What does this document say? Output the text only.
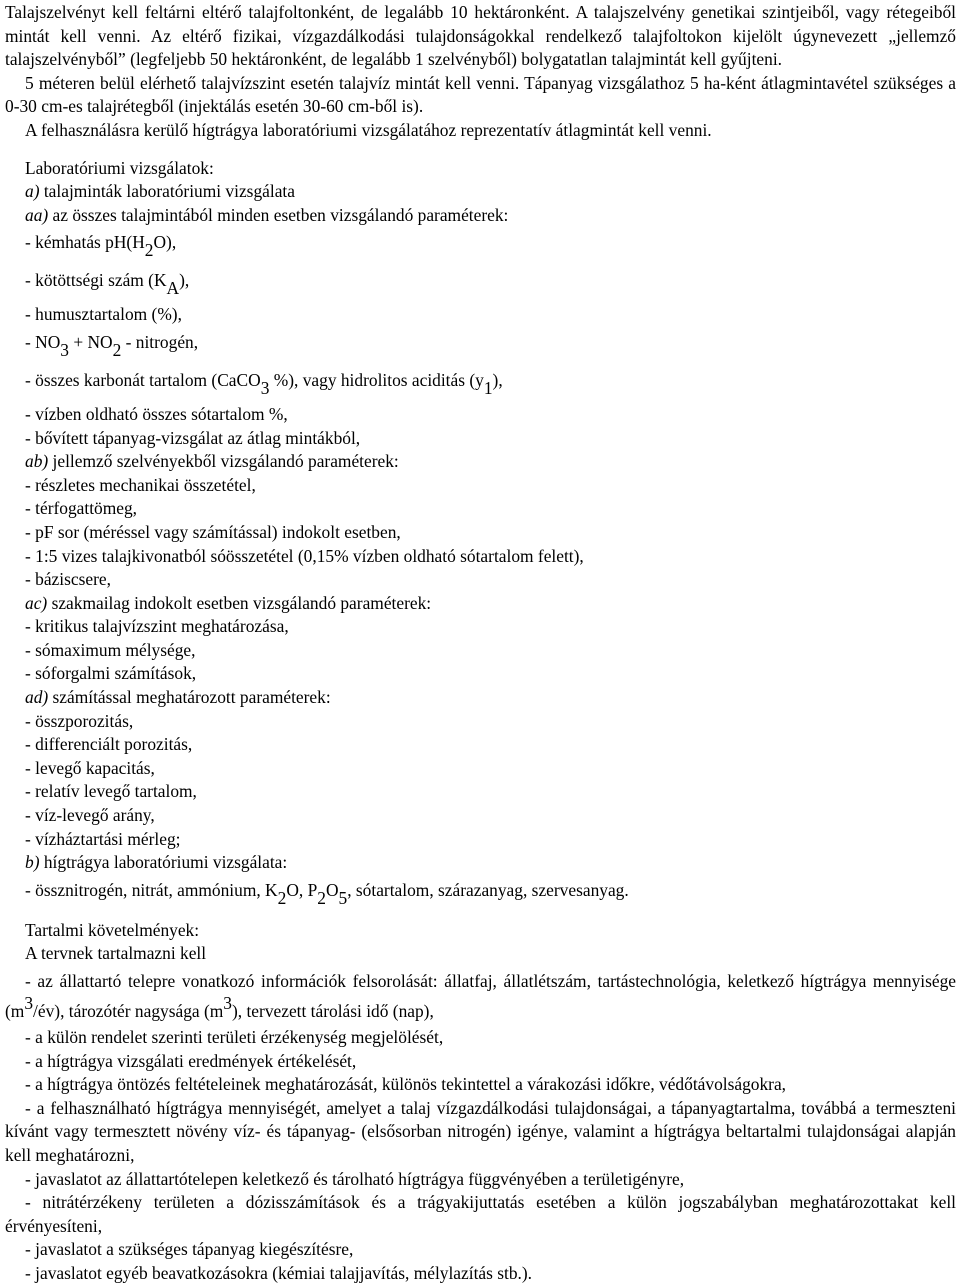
Talajszelvényt kell feltárni eltérő talajfoltonként, de legalább 10 hektáronként. A talajszelvény genetikai szintjeiből, vagy rétegeiből mintát kell venni. Az eltérő fizikai, vízgazdálkodási tulajdonságokkal rendelkező talajfoltokon kijelölt úgynevezett „jellemző talajszelvényből” (legfeljebb 50 hektáronként, de legalább 1 szelvényből) bolygatatlan talajmintát kell gyűjteni.

5 méteren belül elérhető talajvízszint esetén talajvíz mintát kell venni. Tápanyag vizsgálathoz 5 ha-ként átlagmintavétel szükséges a 0-30 cm-es talajrétegből (injektálás esetén 30-60 cm-ből is).

A felhasználásra kerülő hígtrágya laboratóriumi vizsgálatához reprezentatív átlagmintát kell venni.

Laboratóriumi vizsgálatok:

a) talajminták laboratóriumi vizsgálata

aa) az összes talajmintából minden esetben vizsgálandó paraméterek:

- kémhatás pH(H2O),

- kötöttségi szám (KA),

- humusztartalom (%),

- NO3 + NO2 - nitrogén,

- összes karbonát tartalom (CaCO3 %), vagy hidrolitos aciditás (y1),

- vízben oldható összes sótartalom %,

- bővített tápanyag-vizsgálat az átlag mintákból,

ab) jellemző szelvényekből vizsgálandó paraméterek:

- részletes mechanikai összetétel,

- térfogattömeg,

- pF sor (méréssel vagy számítással) indokolt esetben,

- 1:5 vizes talajkivonatból sóösszetétel (0,15% vízben oldható sótartalom felett),

- báziscsere,

ac) szakmailag indokolt esetben vizsgálandó paraméterek:

- kritikus talajvízszint meghatározása,

- sómaximum mélysége,

- sóforgalmi számítások,

ad) számítással meghatározott paraméterek:

- összporozitás,

- differenciált porozitás,

- levegő kapacitás,

- relatív levegő tartalom,

- víz-levegő arány,

- vízháztartási mérleg;

b) hígtrágya laboratóriumi vizsgálata:

- össznitrogén, nitrát, ammónium, K2O, P2O5, sótartalom, szárazanyag, szervesanyag.

Tartalmi követelmények:

A tervnek tartalmazni kell

- az állattartó telepre vonatkozó információk felsorolását: állatfaj, állatlétszám, tartástechnológia, keletkező hígtrágya mennyisége (m3/év), tározótér nagysága (m3), tervezett tárolási idő (nap),

- a külön rendelet szerinti területi érzékenység megjelölését,

- a hígtrágya vizsgálati eredmények értékelését,

- a hígtrágya öntözés feltételeinek meghatározását, különös tekintettel a várakozási időkre, védőtávolságokra,

- a felhasználható hígtrágya mennyiségét, amelyet a talaj vízgazdálkodási tulajdonságai, a tápanyagtartalma, továbbá a termeszteni kívánt vagy termesztett növény víz- és tápanyag- (elsősorban nitrogén) igénye, valamint a hígtrágya beltartalmi tulajdonságai alapján kell meghatározni,

- javaslatot az állattartótelepen keletkező és tárolható hígtrágya függvényében a területigényre,

- nitrátérzékeny területen a dózisszámítások és a trágyakijuttatás esetében a külön jogszabályban meghatározottakat kell érvényesíteni,

- javaslatot a szükséges tápanyag kiegészítésre,

- javaslatot egyéb beavatkozásokra (kémiai talajjavítás, mélylazítás stb.).
